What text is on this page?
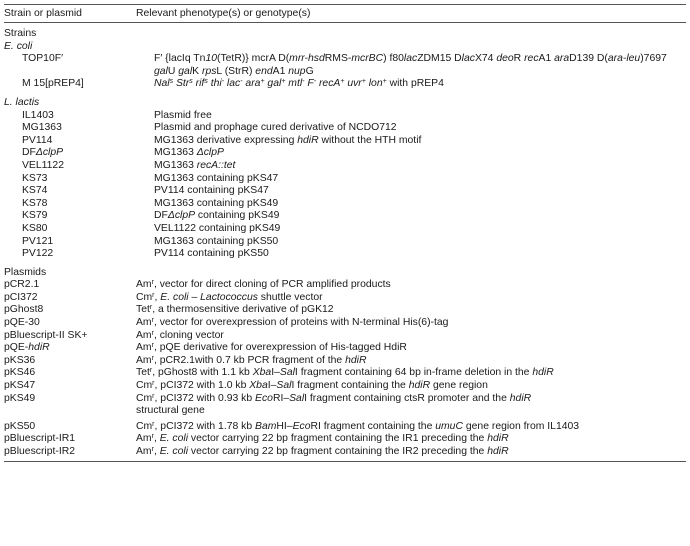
Strain or plasmid	Relevant phenotype(s) or genotype(s)
Strains
E. coli
TOP10F′	F′ {lacIq Tn10(TetR)} mcrA D(mrr-hsdRMS-mcrBC) f80lacZDM15 DlacX74 deoR recA1 araD139 D(ara-leu)7697 galU galK rpsL (StrR) endA1 nupG
M 15[pREP4]	Nal$^s$ Str$^s$ rif$^s$ thi- lac- ara+ gal+ mtl- F- recA+ uvr+ lon+ with pREP4
L. lactis
IL1403	Plasmid free
MG1363	Plasmid and prophage cured derivative of NCDO712
PV114	MG1363 derivative expressing hdiR without the HTH motif
DFΔclpP	MG1363 ΔclpP
VEL1122	MG1363 recA::tet
KS73	MG1363 containing pKS47
KS74	PV114 containing pKS47
KS78	MG1363 containing pKS49
KS79	DFΔclpP containing pKS49
KS80	VEL1122 containing pKS49
PV121	MG1363 containing pKS50
PV122	PV114 containing pKS50
Plasmids
pCR2.1	Am$^r$, vector for direct cloning of PCR amplified products
pCI372	Cm$^r$, E. coli – Lactococcus shuttle vector
pGhost8	Tet$^r$, a thermosensitive derivative of pGK12
pQE-30	Am$^r$, vector for overexpression of proteins with N-terminal His(6)-tag
pBluescript-II SK+	$Am^r$, cloning vector
pQE-hdiR	Am$^r$, pQE derivative for overexpression of His-tagged HdiR
pKS36	Am$^r$, pCR2.1with 0.7 kb PCR fragment of the hdiR
pKS46	Tet$^r$, pGhost8 with 1.1 kb XbaI–SalI fragment containing 64 bp in-frame deletion in the hdiR
pKS47	Cm$^r$, pCI372 with 1.0 kb XbaI–SalI fragment containing the hdiR gene region
pKS49	Cm$^r$, pCI372 with 0.93 kb EcoRI–SalI fragment containing ctsR promoter and the hdiR
structural gene
pKS50	Cm$^r$, pCI372 with 1.78 kb BamHI–EcoRI fragment containing the umuC gene region from IL1403
pBluescript-IR1	Am$^r$, E. coli vector carrying 22 bp fragment containing the IR1 preceding the hdiR
pBluescript-IR2	Am$^r$, E. coli vector carrying 22 bp fragment containing the IR2 preceding the hdiR
